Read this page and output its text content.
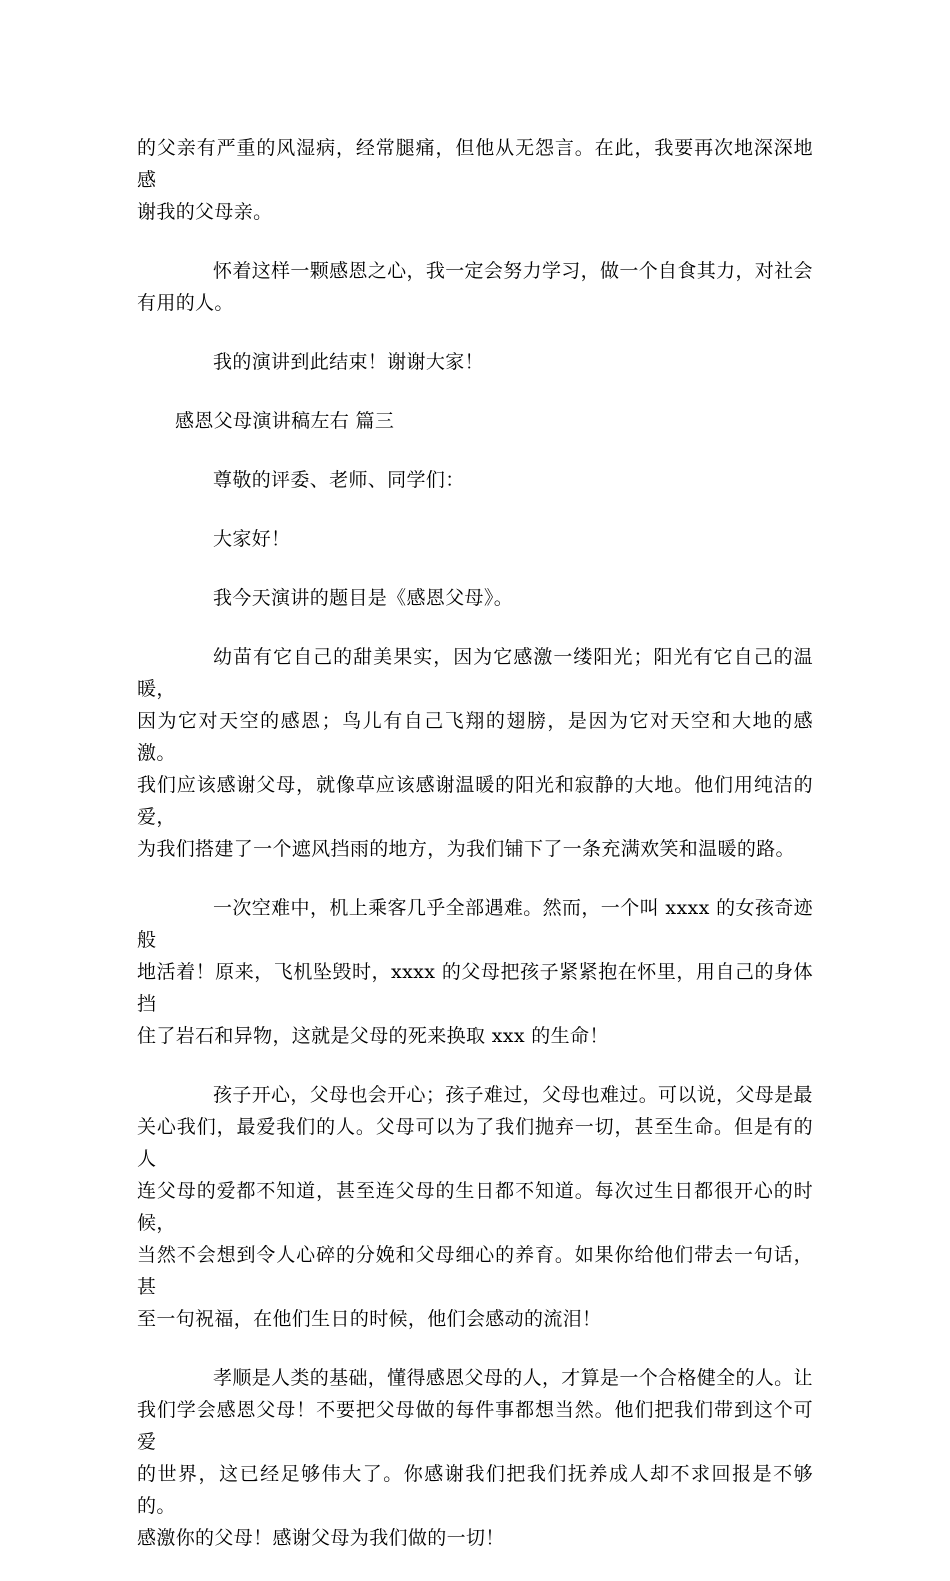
的父亲有严重的风湿病，经常腿痛，但他从无怨言。在此，我要再次地深深地感
谢我的父母亲。

怀着这样一颗感恩之心，我一定会努力学习，做一个自食其力，对社会
有用的人。

我的演讲到此结束！谢谢大家！

感恩父母演讲稿左右 篇三

尊敬的评委、老师、同学们：

大家好！

我今天演讲的题目是《感恩父母》。

幼苗有它自己的甜美果实，因为它感激一缕阳光；阳光有它自己的温暖，
因为它对天空的感恩；鸟儿有自己飞翔的翅膀，是因为它对天空和大地的感激。
我们应该感谢父母，就像草应该感谢温暖的阳光和寂静的大地。他们用纯洁的爱，
为我们搭建了一个遮风挡雨的地方，为我们铺下了一条充满欢笑和温暖的路。

一次空难中，机上乘客几乎全部遇难。然而，一个叫 xxxx 的女孩奇迹般
地活着！原来，飞机坠毁时，xxxx 的父母把孩子紧紧抱在怀里，用自己的身体挡
住了岩石和异物，这就是父母的死来换取 xxx 的生命！

孩子开心，父母也会开心；孩子难过，父母也难过。可以说，父母是最
关心我们，最爱我们的人。父母可以为了我们抛弃一切，甚至生命。但是有的人
连父母的爱都不知道，甚至连父母的生日都不知道。每次过生日都很开心的时候，
当然不会想到令人心碎的分娩和父母细心的养育。如果你给他们带去一句话，甚
至一句祝福，在他们生日的时候，他们会感动的流泪！

孝顺是人类的基础，懂得感恩父母的人，才算是一个合格健全的人。让
我们学会感恩父母！不要把父母做的每件事都想当然。他们把我们带到这个可爱
的世界，这已经足够伟大了。你感谢我们把我们抚养成人却不求回报是不够的。
感激你的父母！感谢父母为我们做的一切！
